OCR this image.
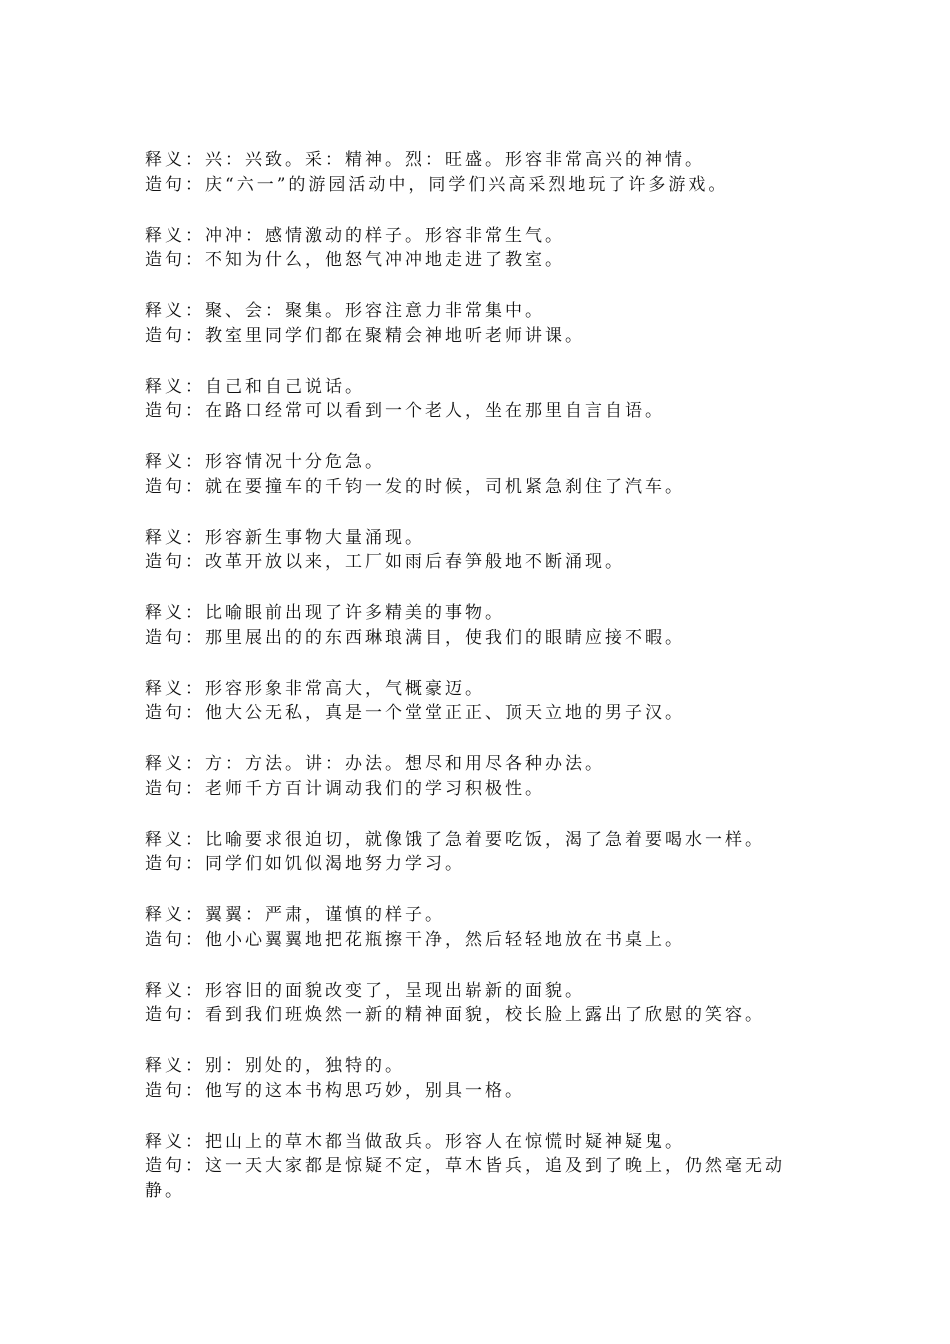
释义：兴：兴致。采：精神。烈：旺盛。形容非常高兴的神情。
造句：庆“六一”的游园活动中，同学们兴高采烈地玩了许多游戏。
释义：冲冲：感情激动的样子。形容非常生气。
造句：不知为什么，他怒气冲冲地走进了教室。
释义：聚、会：聚集。形容注意力非常集中。
造句：教室里同学们都在聚精会神地听老师讲课。
释义：自己和自己说话。
造句：在路口经常可以看到一个老人，坐在那里自言自语。
释义：形容情况十分危急。
造句：就在要撞车的千钧一发的时候，司机紧急刹住了汽车。
释义：形容新生事物大量涌现。
造句：改革开放以来，工厂如雨后春笋般地不断涌现。
释义：比喻眼前出现了许多精美的事物。
造句：那里展出的的东西琳琅满目，使我们的眼睛应接不暇。
释义：形容形象非常高大，气概豪迈。
造句：他大公无私，真是一个堂堂正正、顶天立地的男子汉。
释义：方：方法。讲：办法。想尽和用尽各种办法。
造句：老师千方百计调动我们的学习积极性。
释义：比喻要求很迫切，就像饿了急着要吃饭，渴了急着要喝水一样。
造句：同学们如饥似渴地努力学习。
释义：翼翼：严肃，谨慎的样子。
造句：他小心翼翼地把花瓶擦干净，然后轻轻地放在书桌上。
释义：形容旧的面貌改变了，呈现出崭新的面貌。
造句：看到我们班焕然一新的精神面貌，校长脸上露出了欣慰的笑容。
释义：别：别处的，独特的。
造句：他写的这本书构思巧妙，别具一格。
释义：把山上的草木都当做敌兵。形容人在惊慌时疑神疑鬼。
造句：这一天大家都是惊疑不定，草木皆兵，追及到了晚上，仍然毫无动静。
